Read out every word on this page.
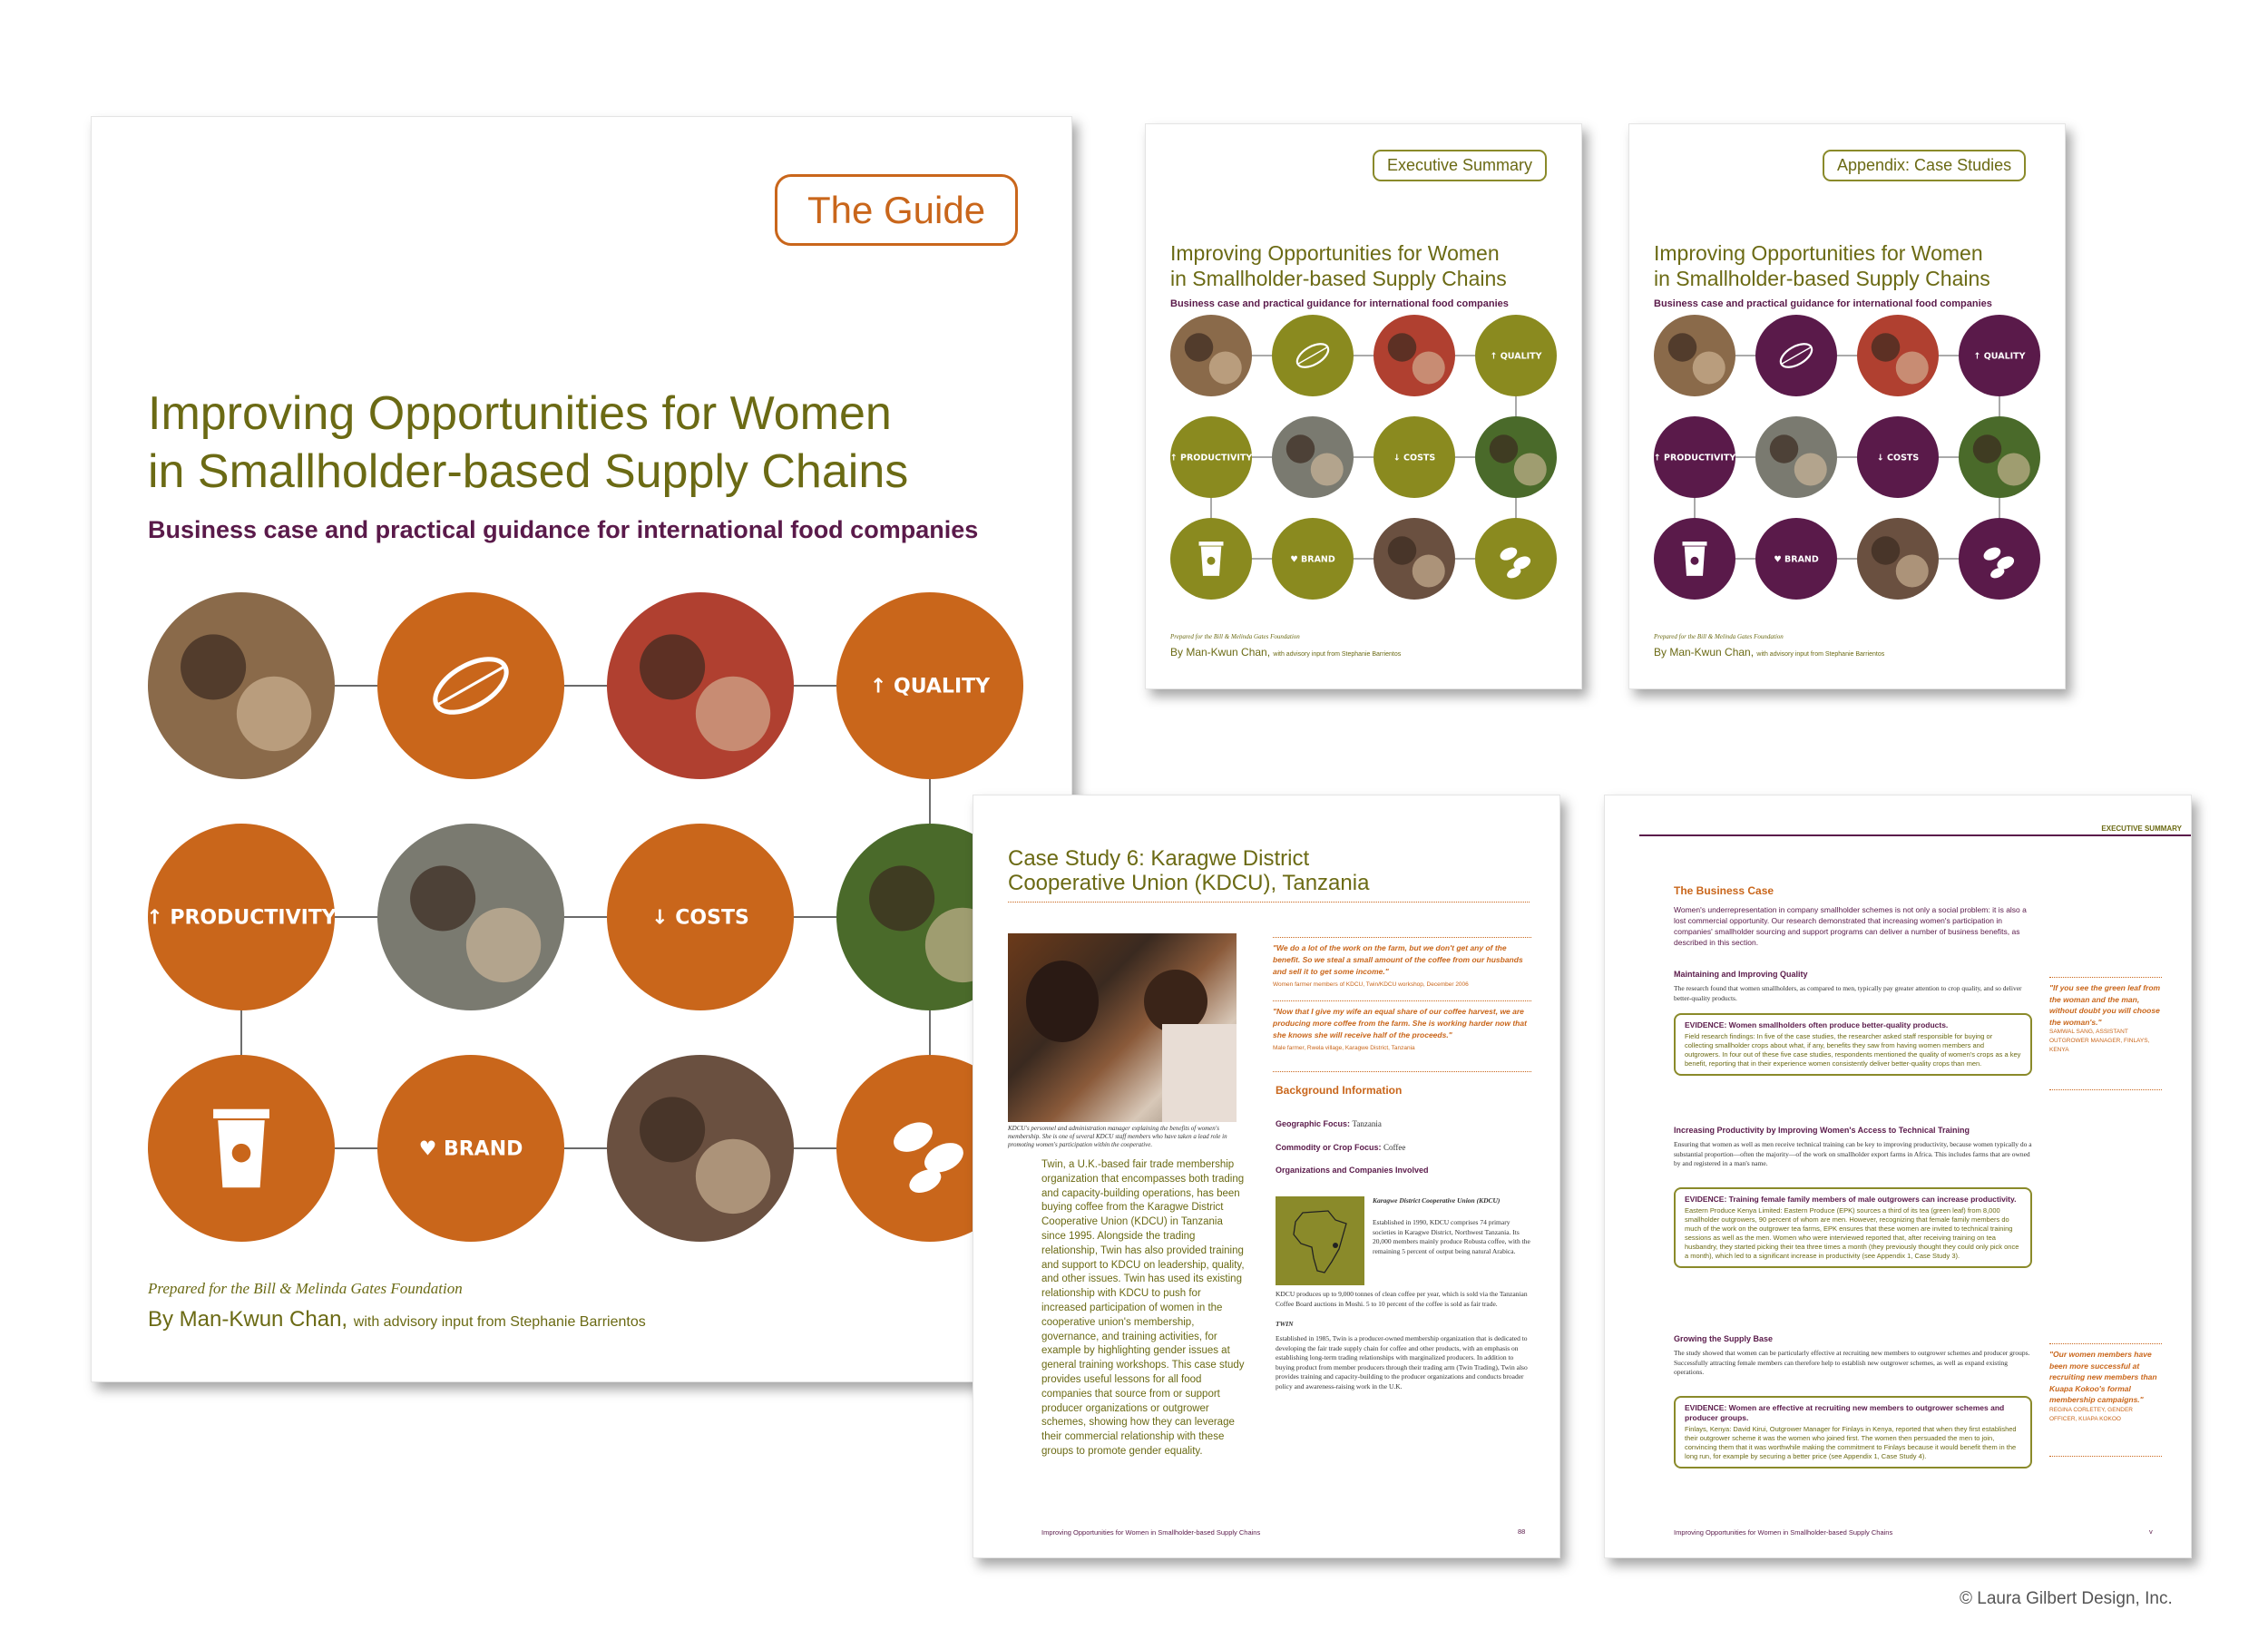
The Guide
Improving Opportunities for Women
in Smallholder-based Supply Chains
Business case and practical guidance for international food companies
↑ QUALITY
↑ PRODUCTIVITY	↓ COSTS
♥ BRAND
Prepared for the Bill & Melinda Gates Foundation
By Man-Kwun Chan, with advisory input from Stephanie Barrientos
Executive Summary
Improving Opportunities for Women
in Smallholder-based Supply Chains
Business case and practical guidance for international food companies
↑ QUALITY
↑ PRODUCTIVITY	↓ COSTS
♥ BRAND
Prepared for the Bill & Melinda Gates Foundation
By Man-Kwun Chan, with advisory input from Stephanie Barrientos
Appendix: Case Studies
Improving Opportunities for Women
in Smallholder-based Supply Chains
Business case and practical guidance for international food companies
↑ QUALITY
↑ PRODUCTIVITY	↓ COSTS
♥ BRAND
Prepared for the Bill & Melinda Gates Foundation
By Man-Kwun Chan, with advisory input from Stephanie Barrientos
Case Study 6: Karagwe District
Cooperative Union (KDCU), Tanzania
KDCU's personnel and administration manager explaining the benefits of women's membership. She is one of several KDCU staff members who have taken a lead role in promoting women's participation within the cooperative.
Twin, a U.K.-based fair trade membership organization that encompasses both trading and capacity-building operations, has been buying coffee from the Karagwe District Cooperative Union (KDCU) in Tanzania since 1995. Alongside the trading relationship, Twin has also provided training and support to KDCU on leadership, quality, and other issues. Twin has used its existing relationship with KDCU to push for increased participation of women in the cooperative union's membership, governance, and training activities, for example by highlighting gender issues at general training workshops. This case study provides useful lessons for all food companies that source from or support producer organizations or outgrower schemes, showing how they can leverage their commercial relationship with these groups to promote gender equality.
"We do a lot of the work on the farm, but we don't get any of the benefit. So we steal a small amount of the coffee from our husbands and sell it to get some income."
Women farmer members of KDCU, Twin/KDCU workshop, December 2006
"Now that I give my wife an equal share of our coffee harvest, we are producing more coffee from the farm. She is working harder now that she knows she will receive half of the proceeds."
Male farmer, Rwela village, Karagwe District, Tanzania
Background Information
Geographic Focus: Tanzania
Commodity or Crop Focus: Coffee
Organizations and Companies Involved
Karagwe District Cooperative Union (KDCU)
Established in 1990, KDCU comprises 74 primary societies in Karagwe District, Northwest Tanzania. Its 20,000 members mainly produce Robusta coffee, with the remaining 5 percent of output being natural Arabica.
KDCU produces up to 9,000 tonnes of clean coffee per year, which is sold via the Tanzanian Coffee Board auctions in Moshi. 5 to 10 percent of the coffee is sold as fair trade.
TWIN
Established in 1985, Twin is a producer-owned membership organization that is dedicated to developing the fair trade supply chain for coffee and other products, with an emphasis on establishing long-term trading relationships with marginalized producers. In addition to buying product from member producers through their trading arm (Twin Trading), Twin also provides training and capacity-building to the producer organizations and conducts broader policy and awareness-raising work in the U.K.
Improving Opportunities for Women in Smallholder-based Supply Chains	88
EXECUTIVE SUMMARY
The Business Case
Women's underrepresentation in company smallholder schemes is not only a social problem: it is also a lost commercial opportunity. Our research demonstrated that increasing women's participation in companies' smallholder sourcing and support programs can deliver a number of business benefits, as described in this section.
Maintaining and Improving Quality
The research found that women smallholders, as compared to men, typically pay greater attention to crop quality, and so deliver better-quality products.
EVIDENCE: Women smallholders often produce better-quality products.
Field research findings: In five of the case studies, the researcher asked staff responsible for buying or collecting smallholder crops about what, if any, benefits they saw from having women members and outgrowers. In four out of these five case studies, respondents mentioned the quality of women's crops as a key benefit, reporting that in their experience women consistently deliver better-quality crops than men.
Increasing Productivity by Improving Women's Access to Technical Training
Ensuring that women as well as men receive technical training can be key to improving productivity, because women typically do a substantial proportion—often the majority—of the work on smallholder export farms in Africa. This includes farms that are owned by and registered in a man's name.
EVIDENCE: Training female family members of male outgrowers can increase productivity.
Eastern Produce Kenya Limited: Eastern Produce (EPK) sources a third of its tea (green leaf) from 8,000 smallholder outgrowers, 90 percent of whom are men. However, recognizing that female family members do much of the work on the outgrower tea farms, EPK ensures that these women are invited to technical training sessions as well as the men. Women who were interviewed reported that, after receiving training on tea husbandry, they started picking their tea three times a month (they previously thought they could only pick once a month), which led to a significant increase in productivity (see Appendix 1, Case Study 3).
Growing the Supply Base
The study showed that women can be particularly effective at recruiting new members to outgrower schemes and producer groups. Successfully attracting female members can therefore help to establish new outgrower schemes, as well as expand existing operations.
EVIDENCE: Women are effective at recruiting new members to outgrower schemes and producer groups.
Finlays, Kenya: David Kirui, Outgrower Manager for Finlays in Kenya, reported that when they first established their outgrower scheme it was the women who joined first. The women then persuaded the men to join, convincing them that it was worthwhile making the commitment to Finlays because it would benefit them in the long run, for example by securing a better price (see Appendix 1, Case Study 4).
"If you see the green leaf from the woman and the man, without doubt you will choose the woman's."
SAMWAL SANG, ASSISTANT OUTGROWER MANAGER, FINLAYS, KENYA
"Our women members have been more successful at recruiting new members than Kuapa Kokoo's formal membership campaigns."
REGINA CORLETEY, GENDER OFFICER, KUAPA KOKOO
Improving Opportunities for Women in Smallholder-based Supply Chains	v
© Laura Gilbert Design, Inc.
